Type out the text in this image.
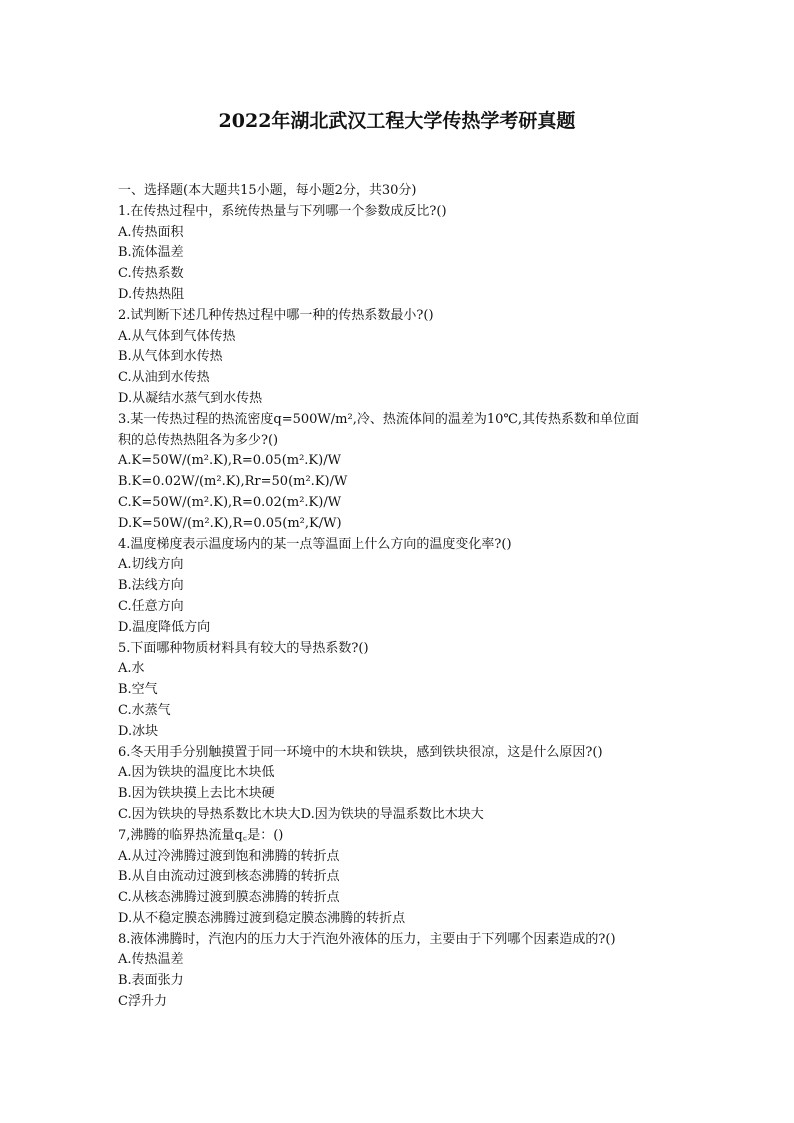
2022年湖北武汉工程大学传热学考研真题

一、选择题(本大题共15小题，每小题2分，共30分)

1.在传热过程中，系统传热量与下列哪一个参数成反比?()

A.传热面积

B.流体温差

C.传热系数

D.传热热阻

2.试判断下述几种传热过程中哪一种的传热系数最小?()

A.从气体到气体传热

B.从气体到水传热

C.从油到水传热

D.从凝结水蒸气到水传热

3.某一传热过程的热流密度q=500W/m²,冷、热流体间的温差为10℃,其传热系数和单位面

积的总传热热阻各为多少?()

A.K=50W/(m².K),R=0.05(m².K)/W

B.K=0.02W/(m².K),Rr=50(m².K)/W

C.K=50W/(m².K),R=0.02(m².K)/W

D.K=50W/(m².K),R=0.05(m²,K/W)

4.温度梯度表示温度场内的某一点等温面上什么方向的温度变化率?()

A.切线方向

B.法线方向

C.任意方向

D.温度降低方向

5.下面哪种物质材料具有较大的导热系数?()

A.水

B.空气

C.水蒸气

D.冰块

6.冬天用手分别触摸置于同一环境中的木块和铁块，感到铁块很凉，这是什么原因?()

A.因为铁块的温度比木块低

B.因为铁块摸上去比木块硬

C.因为铁块的导热系数比木块大D.因为铁块的导温系数比木块大

7,沸腾的临界热流量q꜀是：()

A.从过冷沸腾过渡到饱和沸腾的转折点

B.从自由流动过渡到核态沸腾的转折点

C.从核态沸腾过渡到膜态沸腾的转折点

D.从不稳定膜态沸腾过渡到稳定膜态沸腾的转折点

8.液体沸腾时，汽泡内的压力大于汽泡外液体的压力，主要由于下列哪个因素造成的?()

A.传热温差

B.表面张力

C浮升力
